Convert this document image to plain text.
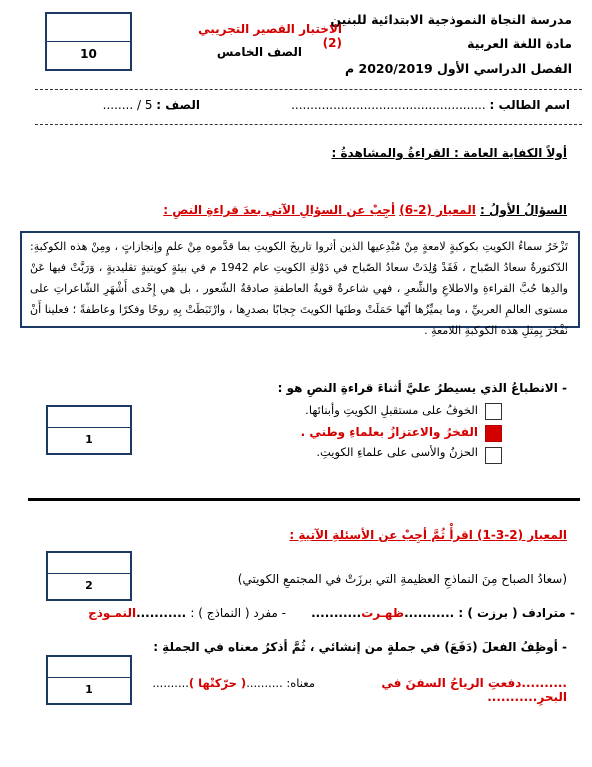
10
مدرسة النجاة النموذجية الابتدائية للبنين
مادة اللغة العربية
الفصل الدراسي الأول 2020/2019 م
الاختبار القصير التجريبي (2)
الصف الخامس
اسم الطالب : ...................................................
الصف : 5 / ........
أولاً الكفاية العامة : القراءةُ والمشاهدةُ :
السؤالُ الأولُ : المعيار (2-6) أجِبْ عن السؤالِ الآتي بعدَ قراءةِ النصِ :
تَزْخَرُ سماءُ الكويتِ بكوكبةٍ لامعةٍ مِنْ مُبْدِعيها الذين أثروا تاريخَ الكويتِ بما قدَّموه مِنْ علمٍ وإنجازاتٍ ، ومِنْ هذه الكوكبةِ: الدّكتورةُ سعادُ الصّباح ، فَقَدْ وُلِدَتْ سعادُ الصّباح في دَوْلةِ الكويتِ عام 1942 م في بيئةٍ كويتيةٍ تقليديةٍ ، وَرَبَّتْ فيها عَنْ والدِها حُبَّ القراءةِ والاطلاعِ والشِّعرِ ، فهي شاعرةٌ قويةُ العاطفةِ صادقةُ الشّعور ، بل هي إِحْدى أَشْهَرِ الشّاعراتِ على مستوى العالمِ العربيِّ ، وما يميِّزُها أنّها حَمَلَتْ وطنَها الكويتَ جِجابًا بصدرِها ، وارْتَبَطَتْ بِهِ روحًا وفكرًا وعاطفةً ؛ فعلينا أَنْ نَفْخَرَ بِمِثلِ هذه الكوكبةِ اللامعةِ .
1
- الانطباعُ الذي يسيطرُ عليَّ أثناءَ قراءةِ النصِ هو :
الخوفُ على مستقبلِ الكويتِ وأبنائها.
الفخرُ والاعتزازُ بعلماءِ وطني .
الحزنُ والأسى على علماءِ الكويتِ.
المعيار (2-3-1) اقرأْ ثُمَّ أجِبْ عن الأسئلةِ الآتيةِ :
2	(سعادُ الصباح مِنَ النماذجِ العظيمةِ التي برزَتْ في المجتمعِ الكويتي)
- مترادف ( برزت ) : ...........ظهـرت...........      - مفرد ( النماذج ) : ...........النمـوذج
- أوظِفُ الفعلَ (دَفَعَ) في جملةٍ من إنشائي ، ثُمَّ أذكرُ معناه في الجملةِ :
1	..........دفعتِ الرياحُ السفنَ في البحرِ...........
معناه: ..........( حرّكتْها )..........
